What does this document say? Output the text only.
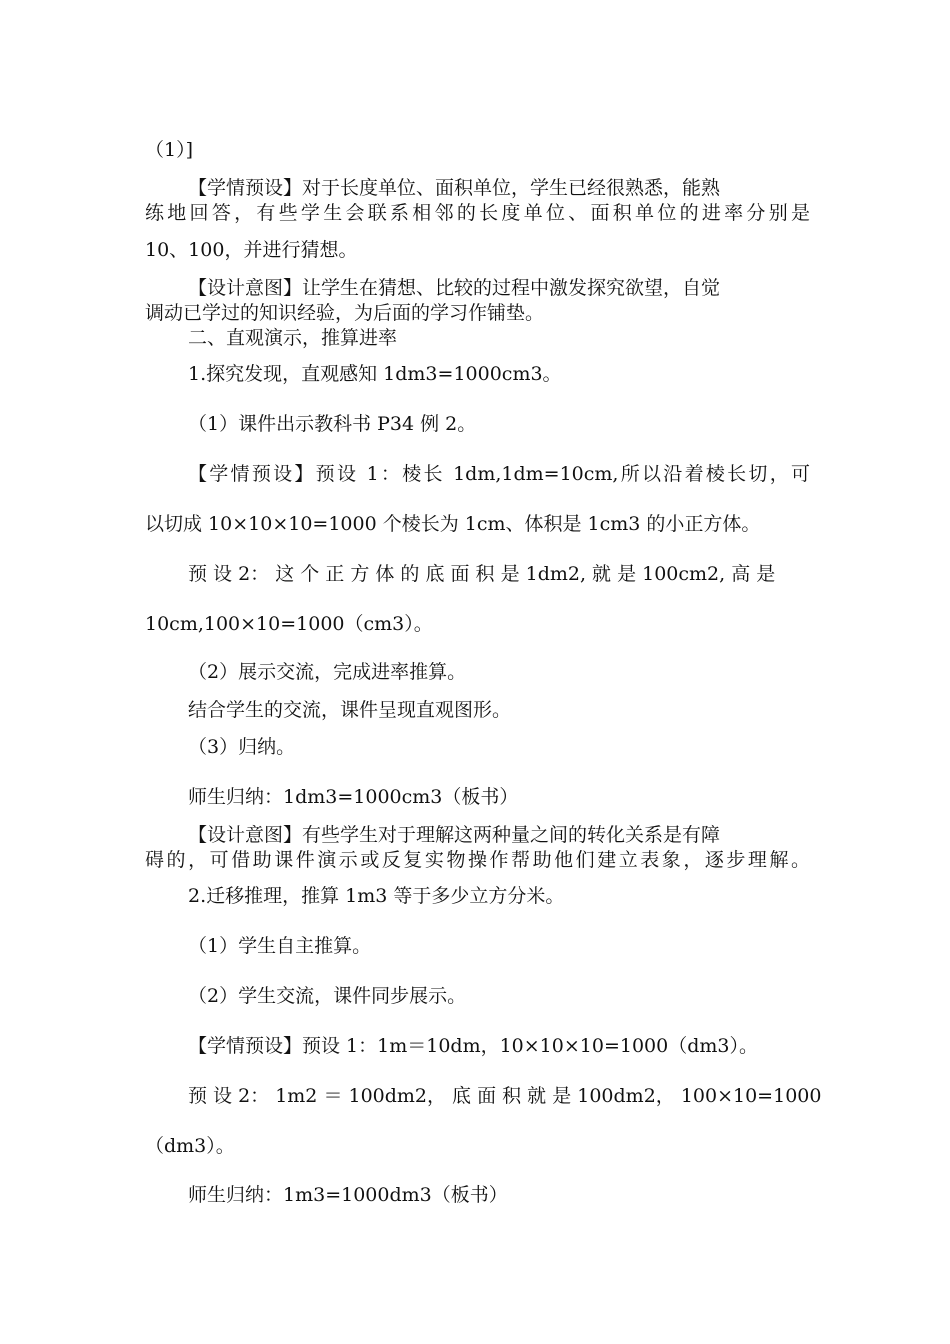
（1）]
【学情预设】对于长度单位、面积单位，学生已经很熟悉，能熟
练地回答，有些学生会联系相邻的长度单位、面积单位的进率分别是
10、100，并进行猜想。
【设计意图】让学生在猜想、比较的过程中激发探究欲望，自觉
调动已学过的知识经验，为后面的学习作铺垫。
二、直观演示，推算进率
1.探究发现，直观感知 1dm3=1000cm3。
（1）课件出示教科书 P34 例 2。
【学情预设】预设 1：棱长 1dm,1dm=10cm,所以沿着棱长切，可
以切成 10×10×10=1000 个棱长为 1cm、体积是 1cm3 的小正方体。
预 设 2： 这 个 正 方 体 的 底 面 积 是 1dm2, 就 是 100cm2, 高 是
10cm,100×10=1000（cm3）。
（2）展示交流，完成进率推算。
结合学生的交流，课件呈现直观图形。
（3）归纳。
师生归纳：1dm3=1000cm3（板书）
【设计意图】有些学生对于理解这两种量之间的转化关系是有障
碍的，可借助课件演示或反复实物操作帮助他们建立表象，逐步理解。
2.迁移推理，推算 1m3 等于多少立方分米。
（1）学生自主推算。
（2）学生交流，课件同步展示。
【学情预设】预设 1：1m＝10dm，10×10×10=1000（dm3）。
预 设 2： 1m2 ＝ 100dm2， 底 面 积 就 是 100dm2， 100×10=1000
（dm3）。
师生归纳：1m3=1000dm3（板书）
